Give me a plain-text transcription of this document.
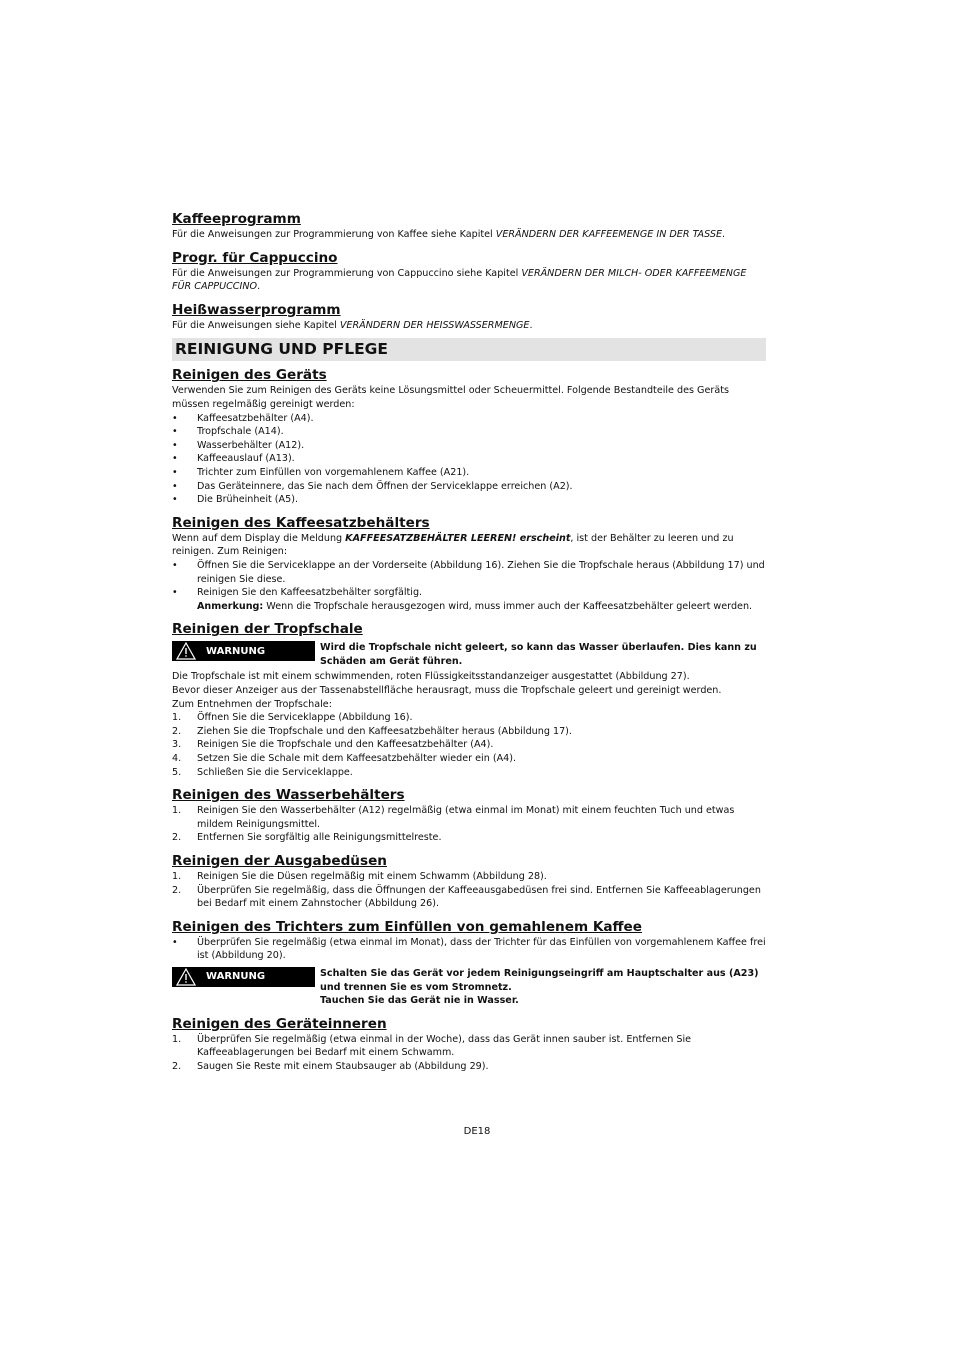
Kaffeeprogramm

Für die Anweisungen zur Programmierung von Kaffee siehe Kapitel VERÄNDERN DER KAFFEEMENGE IN DER TASSE.

Progr. für Cappuccino

Für die Anweisungen zur Programmierung von Cappuccino siehe Kapitel VERÄNDERN DER MILCH- ODER KAFFEEMENGE FÜR CAPPUCCINO.

Heißwasserprogramm

Für die Anweisungen siehe Kapitel VERÄNDERN DER HEISSWASSERMENGE.

REINIGUNG UND PFLEGE
Reinigen des Geräts

Verwenden Sie zum Reinigen des Geräts keine Lösungsmittel oder Scheuermittel. Folgende Bestandteile des Geräts müssen regelmäßig gereinigt werden:

• Kaffeesatzbehälter (A4).
• Tropfschale (A14).
• Wasserbehälter (A12).
• Kaffeeauslauf (A13).
• Trichter zum Einfüllen von vorgemahlenem Kaffee (A21).
• Das Geräteinnere, das Sie nach dem Öffnen der Serviceklappe erreichen (A2).
• Die Brüheinheit (A5).
Reinigen des Kaffeesatzbehälters

Wenn auf dem Display die Meldung KAFFEESATZBEHÄLTER LEEREN! erscheint, ist der Behälter zu leeren und zu reinigen. Zum Reinigen:

• Öffnen Sie die Serviceklappe an der Vorderseite (Abbildung 16). Ziehen Sie die Tropfschale heraus (Abbildung 17) und reinigen Sie diese.
• Reinigen Sie den Kaffeesatzbehälter sorgfältig.
Anmerkung: Wenn die Tropfschale herausgezogen wird, muss immer auch der Kaffeesatzbehälter geleert werden.
Reinigen der Tropfschale
WARNUNG	Wird die Tropfschale nicht geleert, so kann das Wasser überlaufen. Dies kann zu Schäden am Gerät führen.

Die Tropfschale ist mit einem schwimmenden, roten Flüssigkeitsstandanzeiger ausgestattet (Abbildung 27).

Bevor dieser Anzeiger aus der Tassenabstellfläche herausragt, muss die Tropfschale geleert und gereinigt werden.

Zum Entnehmen der Tropfschale:

1. Öffnen Sie die Serviceklappe (Abbildung 16).
2. Ziehen Sie die Tropfschale und den Kaffeesatzbehälter heraus (Abbildung 17).
3. Reinigen Sie die Tropfschale und den Kaffeesatzbehälter (A4).
4. Setzen Sie die Schale mit dem Kaffeesatzbehälter wieder ein (A4).
5. Schließen Sie die Serviceklappe.
Reinigen des Wasserbehälters
1. Reinigen Sie den Wasserbehälter (A12) regelmäßig (etwa einmal im Monat) mit einem feuchten Tuch und etwas mildem Reinigungsmittel.
2. Entfernen Sie sorgfältig alle Reinigungsmittelreste.
Reinigen der Ausgabedüsen
1. Reinigen Sie die Düsen regelmäßig mit einem Schwamm (Abbildung 28).
2. Überprüfen Sie regelmäßig, dass die Öffnungen der Kaffeeausgabedüsen frei sind. Entfernen Sie Kaffeeablagerungen bei Bedarf mit einem Zahnstocher (Abbildung 26).
Reinigen des Trichters zum Einfüllen von gemahlenem Kaffee
• Überprüfen Sie regelmäßig (etwa einmal im Monat), dass der Trichter für das Einfüllen von vorgemahlenem Kaffee frei ist (Abbildung 20).
WARNUNG	Schalten Sie das Gerät vor jedem Reinigungseingriff am Hauptschalter aus (A23) und trennen Sie es vom Stromnetz.
Tauchen Sie das Gerät nie in Wasser.
Reinigen des Geräteinneren
1. Überprüfen Sie regelmäßig (etwa einmal in der Woche), dass das Gerät innen sauber ist. Entfernen Sie Kaffeeablagerungen bei Bedarf mit einem Schwamm.
2. Saugen Sie Reste mit einem Staubsauger ab (Abbildung 29).
DE18
